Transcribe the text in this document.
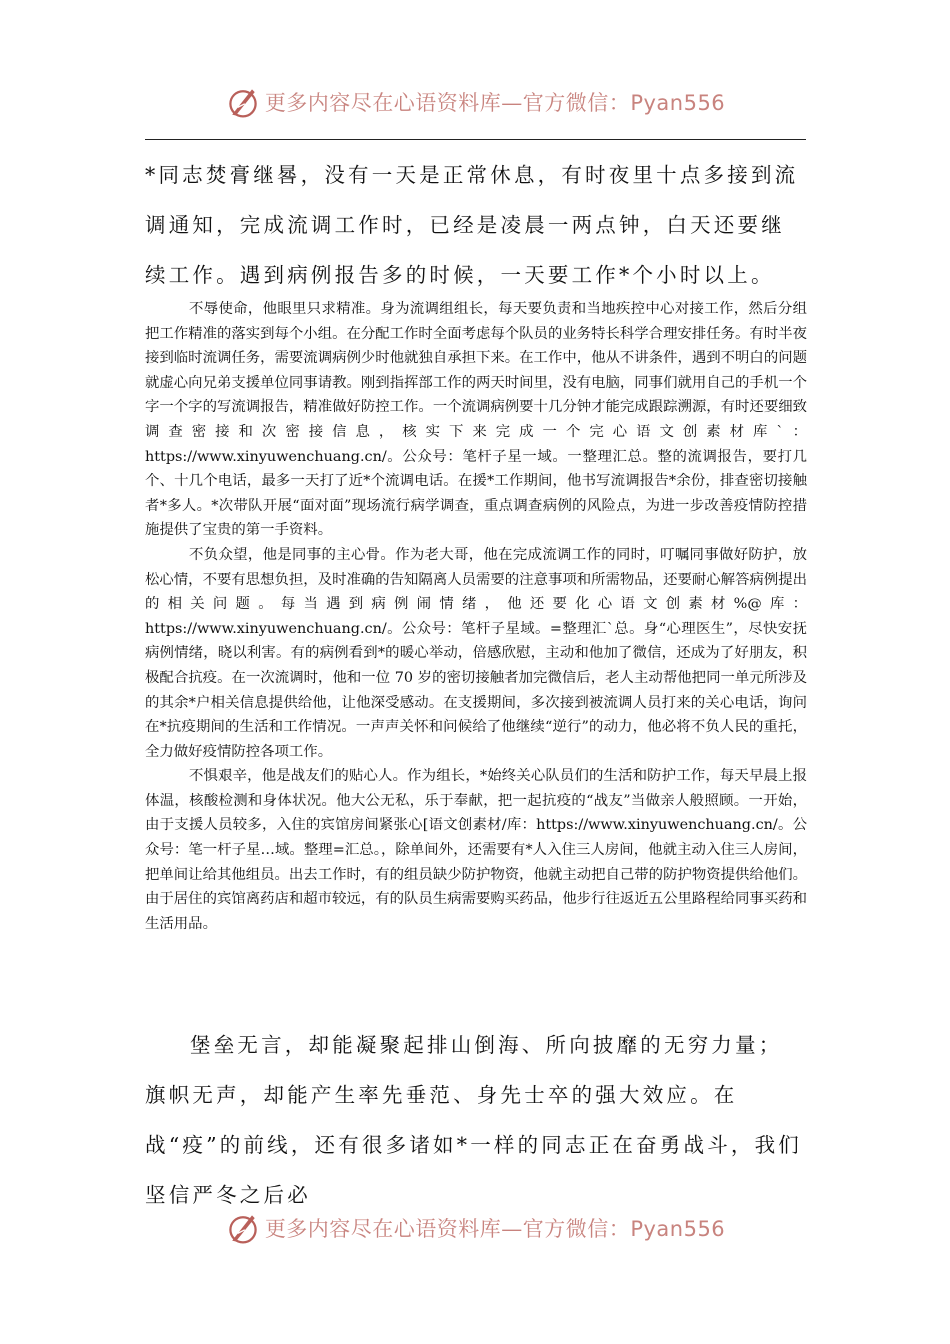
更多内容尽在心语资料库—官方微信：Pyan556
*同志焚膏继晷，没有一天是正常休息，有时夜里十点多接到流调通知，完成流调工作时，已经是凌晨一两点钟，白天还要继续工作。遇到病例报告多的时候，一天要工作*个小时以上。

不辱使命，他眼里只求精准。身为流调组组长，每天要负责和当地疾控中心对接工作，然后分组把工作精准的落实到每个小组。在分配工作时全面考虑每个队员的业务特长科学合理安排任务。有时半夜接到临时流调任务，需要流调病例少时他就独自承担下来。在工作中，他从不讲条件，遇到不明白的问题就虚心向兄弟支援单位同事请教。刚到指挥部工作的两天时间里，没有电脑，同事们就用自己的手机一个字一个字的写流调报告，精准做好防控工作。一个流调病例要十几分钟才能完成跟踪溯源，有时还要细致调查密接和次密接信息，核实下来完成一个完心语文创素材库`：https://www.xinyuwenchuang.cn/。公众号：笔杆子星一域。一整理汇总。整的流调报告，要打几个、十几个电话，最多一天打了近*个流调电话。在援*工作期间，他书写流调报告*余份，排查密切接触者*多人。*次带队开展“面对面”现场流行病学调查，重点调查病例的风险点，为进一步改善疫情防控措施提供了宝贵的第一手资料。

不负众望，他是同事的主心骨。作为老大哥，他在完成流调工作的同时，叮嘱同事做好防护，放松心情，不要有思想负担，及时准确的告知隔离人员需要的注意事项和所需物品，还要耐心解答病例提出的相关问题。每当遇到病例闹情绪，他还要化心语文创素材%@库：https://www.xinyuwenchuang.cn/。公众号：笔杆子星域。=整理汇`总。身“心理医生”，尽快安抚病例情绪，晓以利害。有的病例看到*的暖心举动，倍感欣慰，主动和他加了微信，还成为了好朋友，积极配合抗疫。在一次流调时，他和一位 70 岁的密切接触者加完微信后，老人主动帮他把同一单元所涉及的其余*户相关信息提供给他，让他深受感动。在支援期间，多次接到被流调人员打来的关心电话，询问在*抗疫期间的生活和工作情况。一声声关怀和问候给了他继续“逆行”的动力，他必将不负人民的重托，全力做好疫情防控各项工作。

不惧艰辛，他是战友们的贴心人。作为组长，*始终关心队员们的生活和防护工作，每天早晨上报体温，核酸检测和身体状况。他大公无私，乐于奉献，把一起抗疫的“战友”当做亲人般照顾。一开始，由于支援人员较多，入住的宾馆房间紧张心[语文创素材/库：https://www.xinyuwenchuang.cn/。公众号：笔一杆子星…域。整理=汇总。，除单间外，还需要有*人入住三人房间，他就主动入住三人房间，把单间让给其他组员。出去工作时，有的组员缺少防护物资，他就主动把自己带的防护物资提供给他们。由于居住的宾馆离药店和超市较远，有的队员生病需要购买药品，他步行往返近五公里路程给同事买药和生活用品。

堡垒无言，却能凝聚起排山倒海、所向披靡的无穷力量；旗帜无声，却能产生率先垂范、身先士卒的强大效应。在战“疫”的前线，还有很多诸如*一样的同志正在奋勇战斗，我们坚信严冬之后必
更多内容尽在心语资料库—官方微信：Pyan556
